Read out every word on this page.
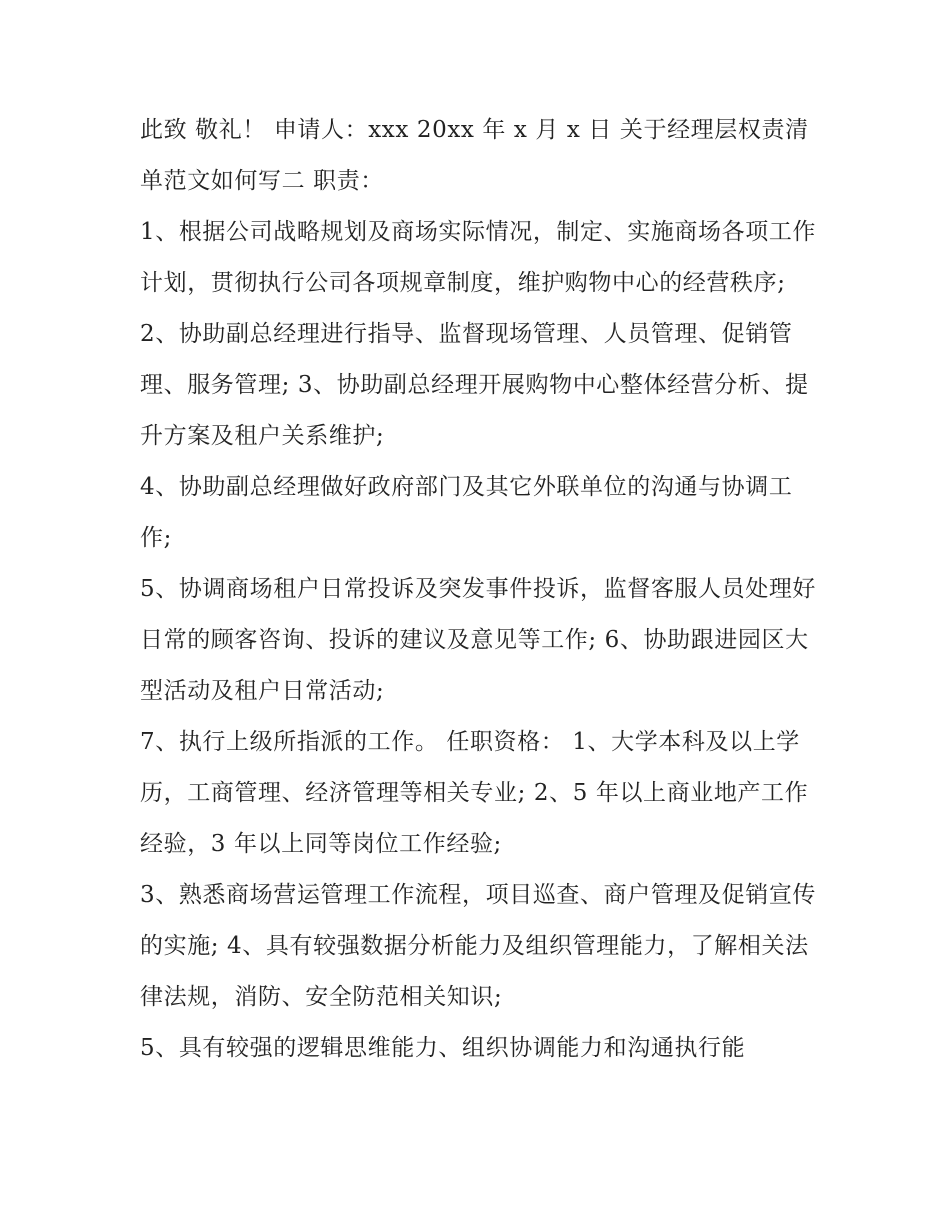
此致 敬礼！ 申请人：xxx 20xx 年 x 月 x 日 关于经理层权责清单范文如何写二 职责：

1、根据公司战略规划及商场实际情况，制定、实施商场各项工作计划，贯彻执行公司各项规章制度，维护购物中心的经营秩序;

2、协助副总经理进行指导、监督现场管理、人员管理、促销管理、服务管理; 3、协助副总经理开展购物中心整体经营分析、提升方案及租户关系维护;

4、协助副总经理做好政府部门及其它外联单位的沟通与协调工作;

5、协调商场租户日常投诉及突发事件投诉，监督客服人员处理好日常的顾客咨询、投诉的建议及意见等工作; 6、协助跟进园区大型活动及租户日常活动;

7、执行上级所指派的工作。 任职资格： 1、大学本科及以上学历，工商管理、经济管理等相关专业; 2、5 年以上商业地产工作经验，3 年以上同等岗位工作经验;

3、熟悉商场营运管理工作流程，项目巡查、商户管理及促销宣传的实施; 4、具有较强数据分析能力及组织管理能力，了解相关法律法规，消防、安全防范相关知识;

5、具有较强的逻辑思维能力、组织协调能力和沟通执行能
